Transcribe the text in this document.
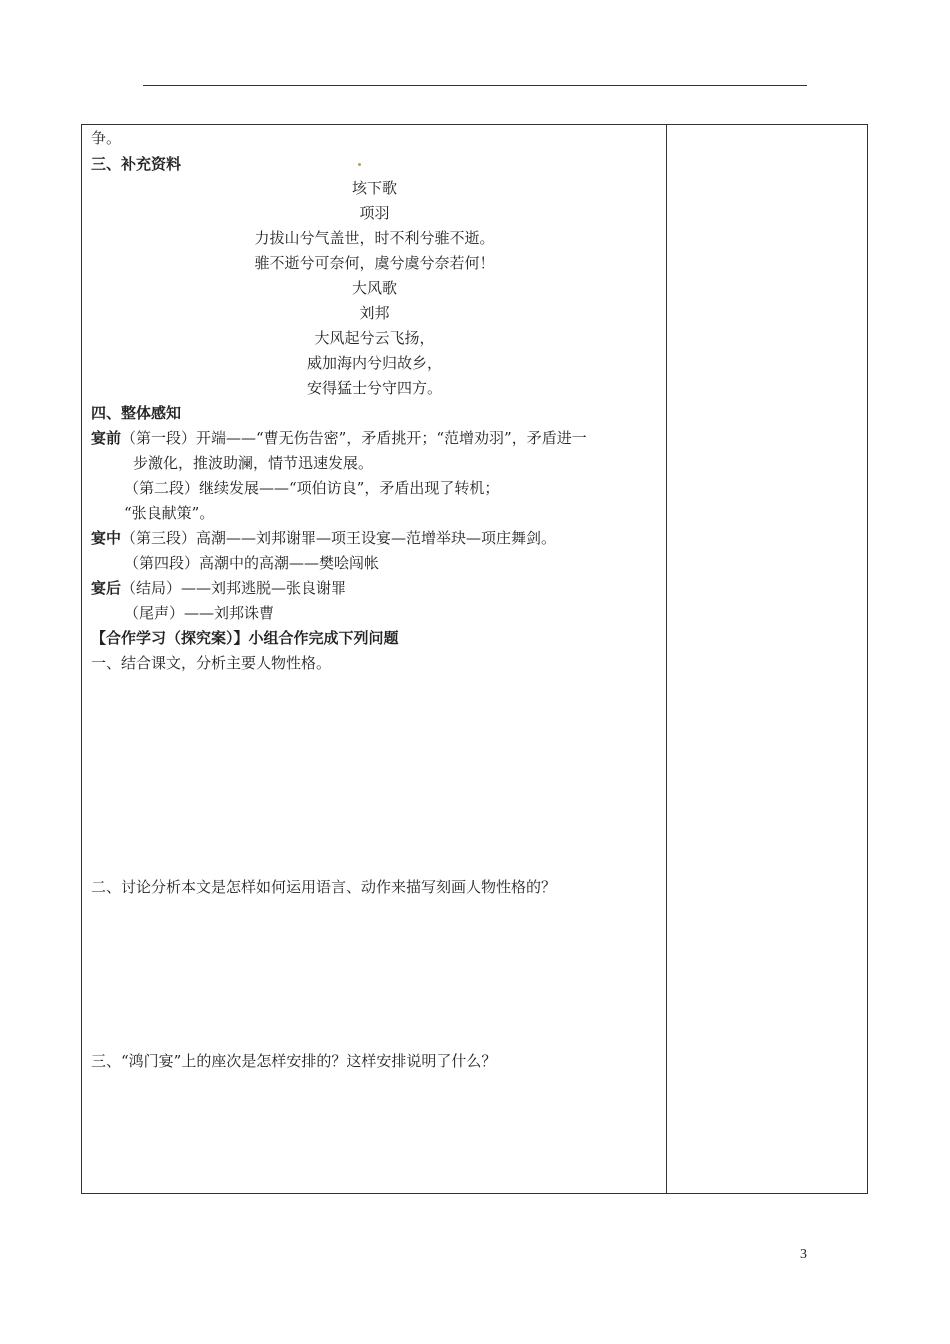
争。
三、补充资料
垓下歌
项羽
力拔山兮气盖世，时不利兮骓不逝。
骓不逝兮可奈何，虞兮虞兮奈若何！
大风歌
刘邦
大风起兮云飞扬，
威加海内兮归故乡，
安得猛士兮守四方。
四、整体感知
宴前（第一段）开端——“曹无伤告密”，矛盾挑开；“范增劝羽”，矛盾进一
步激化，推波助澜，情节迅速发展。
（第二段）继续发展——“项伯访良”，矛盾出现了转机；
“张良献策”。
宴中（第三段）高潮——刘邦谢罪—项王设宴—范增举玦—项庄舞剑。
（第四段）高潮中的高潮——樊哙闯帐
宴后（结局）——刘邦逃脱—张良谢罪
（尾声）——刘邦诛曹
【合作学习（探究案）】小组合作完成下列问题
一、结合课文，分析主要人物性格。
二、讨论分析本文是怎样如何运用语言、动作来描写刻画人物性格的？
三、“鸿门宴”上的座次是怎样安排的？这样安排说明了什么？
3
